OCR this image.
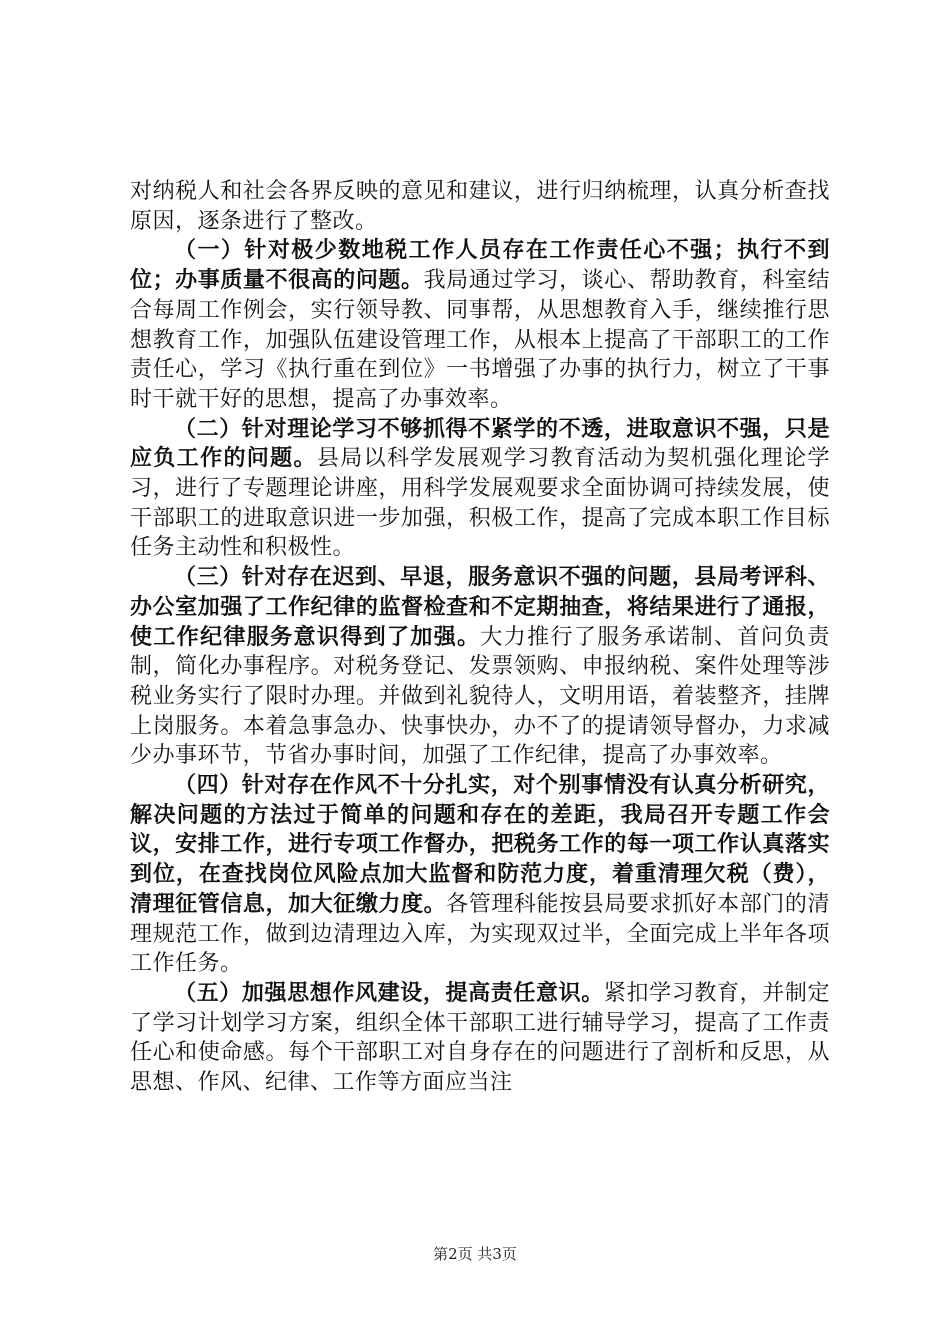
对纳税人和社会各界反映的意见和建议，进行归纳梳理，认真分析查找原因，逐条进行了整改。

（一）针对极少数地税工作人员存在工作责任心不强；执行不到位；办事质量不很高的问题。我局通过学习，谈心、帮助教育，科室结合每周工作例会，实行领导教、同事帮，从思想教育入手，继续推行思想教育工作，加强队伍建设管理工作，从根本上提高了干部职工的工作责任心，学习《执行重在到位》一书增强了办事的执行力，树立了干事时干就干好的思想，提高了办事效率。

（二）针对理论学习不够抓得不紧学的不透，进取意识不强，只是应负工作的问题。县局以科学发展观学习教育活动为契机强化理论学习，进行了专题理论讲座，用科学发展观要求全面协调可持续发展，使干部职工的进取意识进一步加强，积极工作，提高了完成本职工作目标任务主动性和积极性。

（三）针对存在迟到、早退，服务意识不强的问题，县局考评科、办公室加强了工作纪律的监督检查和不定期抽查，将结果进行了通报，使工作纪律服务意识得到了加强。大力推行了服务承诺制、首问负责制，简化办事程序。对税务登记、发票领购、申报纳税、案件处理等涉税业务实行了限时办理。并做到礼貌待人，文明用语，着装整齐，挂牌上岗服务。本着急事急办、快事快办，办不了的提请领导督办，力求减少办事环节，节省办事时间，加强了工作纪律，提高了办事效率。

（四）针对存在作风不十分扎实，对个别事情没有认真分析研究，解决问题的方法过于简单的问题和存在的差距，我局召开专题工作会议，安排工作，进行专项工作督办，把税务工作的每一项工作认真落实到位，在查找岗位风险点加大监督和防范力度，着重清理欠税（费），清理征管信息，加大征缴力度。各管理科能按县局要求抓好本部门的清理规范工作，做到边清理边入库，为实现双过半，全面完成上半年各项工作任务。

（五）加强思想作风建设，提高责任意识。紧扣学习教育，并制定了学习计划学习方案，组织全体干部职工进行辅导学习，提高了工作责任心和使命感。每个干部职工对自身存在的问题进行了剖析和反思，从思想、作风、纪律、工作等方面应当注

第2页 共3页
